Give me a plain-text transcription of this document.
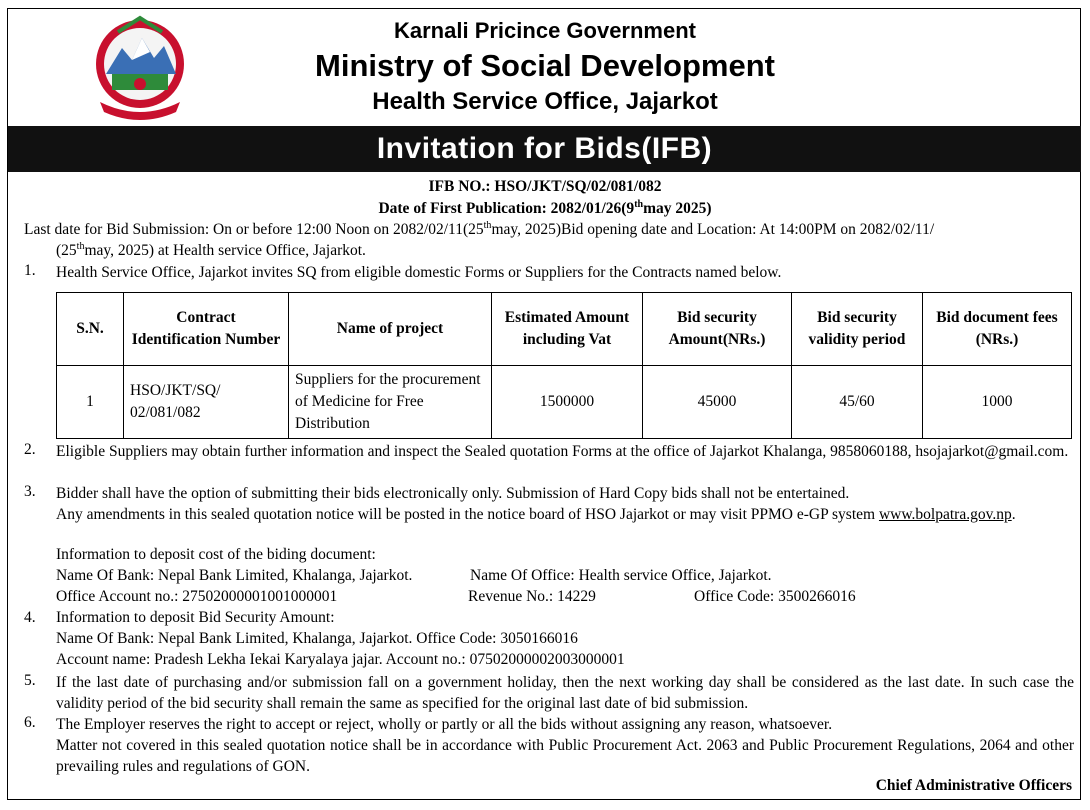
Karnali Pricince Government
Ministry of Social Development
Health Service Office, Jajarkot
Invitation for Bids(IFB)
IFB NO.: HSO/JKT/SQ/02/081/082
Date of First Publication: 2082/01/26(9thmay 2025)
Last date for Bid Submission: On or before 12:00 Noon on 2082/02/11(25thmay, 2025)Bid opening date and Location: At 14:00PM on 2082/02/11/
(25thmay, 2025) at Health service Office, Jajarkot.
1. Health Service Office, Jajarkot invites SQ from eligible domestic Forms or Suppliers for the Contracts named below.
S.N.	Contract Identification Number	Name of project	Estimated Amount including Vat	Bid security Amount(NRs.)	Bid security validity period	Bid document fees (NRs.)
1	HSO/JKT/SQ/ 02/081/082	Suppliers for the procurement of Medicine for Free Distribution	1500000	45000	45/60	1000
2. Eligible Suppliers may obtain further information and inspect the Sealed quotation Forms at the office of Jajarkot Khalanga, 9858060188, hsojajarkot@gmail.com.
3. Bidder shall have the option of submitting their bids electronically only. Submission of Hard Copy bids shall not be entertained.
Any amendments in this sealed quotation notice will be posted in the notice board of HSO Jajarkot or may visit PPMO e-GP system www.bolpatra.gov.np.
Information to deposit cost of the biding document:
Name Of Bank: Nepal Bank Limited, Khalanga, Jajarkot.	Name Of Office: Health service Office, Jajarkot.
Office Account no.: 27502000001001000001	Revenue No.: 14229	Office Code: 3500266016
4. Information to deposit Bid Security Amount:
Name Of Bank: Nepal Bank Limited, Khalanga, Jajarkot. Office Code: 3050166016
Account name: Pradesh Lekha Iekai Karyalaya jajar. Account no.: 07502000002003000001
5. If the last date of purchasing and/or submission fall on a government holiday, then the next working day shall be considered as the last date. In such case the validity period of the bid security shall remain the same as specified for the original last date of bid submission.
6. The Employer reserves the right to accept or reject, wholly or partly or all the bids without assigning any reason, whatsoever.
Matter not covered in this sealed quotation notice shall be in accordance with Public Procurement Act. 2063 and Public Procurement Regulations, 2064 and other prevailing rules and regulations of GON.
Chief Administrative Officers
